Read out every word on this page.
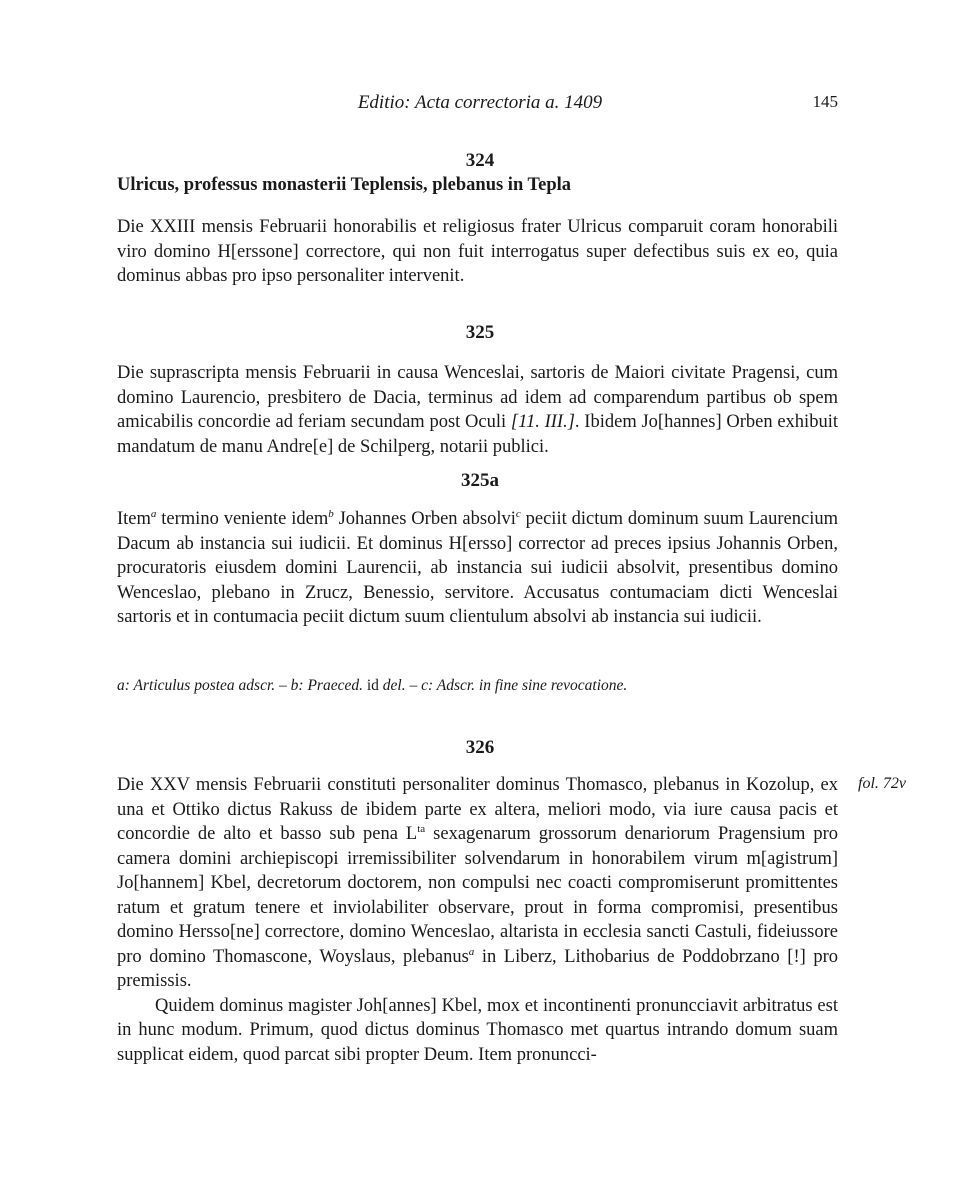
Editio: Acta correctoria a. 1409	145
324
Ulricus, professus monasterii Teplensis, plebanus in Tepla

Die XXIII mensis Februarii honorabilis et religiosus frater Ulricus comparuit coram honorabili viro domino H[erssone] correctore, qui non fuit interrogatus super defectibus suis ex eo, quia dominus abbas pro ipso personaliter intervenit.

325

Die suprascripta mensis Februarii in causa Wenceslai, sartoris de Maiori civitate Pragensi, cum domino Laurencio, presbitero de Dacia, terminus ad idem ad comparendum partibus ob spem amicabilis concordie ad feriam secundam post Oculi [11. III.]. Ibidem Jo[hannes] Orben exhibuit mandatum de manu Andre[e] de Schilperg, notarii publici.

325a

Item$^a$ termino veniente idem$^b$ Johannes Orben absolvi$^c$ peciit dictum dominum suum Laurencium Dacum ab instancia sui iudicii. Et dominus H[ersso] corrector ad preces ipsius Johannis Orben, procuratoris eiusdem domini Laurencii, ab instancia sui iudicii absolvit, presentibus domino Wenceslao, plebano in Zrucz, Benessio, servitore. Accusatus contumaciam dicti Wenceslai sartoris et in contumacia peciit dictum suum clientulum absolvi ab instancia sui iudicii.

a: Articulus postea adscr. – b: Praeced. id del. – c: Adscr. in fine sine revocatione.
326
fol. 72v

Die XXV mensis Februarii constituti personaliter dominus Thomasco, plebanus in Kozolup, ex una et Ottiko dictus Rakuss de ibidem parte ex altera, meliori modo, via iure causa pacis et concordie de alto et basso sub pena $L^{ta}$ sexagenarum grossorum denariorum Pragensium pro camera domini archiepiscopi irremissibiliter solvendarum in honorabilem virum m[agistrum] Jo[hannem] Kbel, decretorum doctorem, non compulsi nec coacti compromiserunt promittentes ratum et gratum tenere et inviolabiliter observare, prout in forma compromisi, presentibus domino Hersso[ne] correctore, domino Wenceslao, altarista in ecclesia sancti Castuli, fideiussore pro domino Thomascone, Woyslaus, plebanus$^a$ in Liberz, Lithobarius de Poddobrzano [!] pro premissis.

Quidem dominus magister Joh[annes] Kbel, mox et incontinenti pronuncciavit arbitratus est in hunc modum. Primum, quod dictus dominus Thomasco met quartus intrando domum suam supplicat eidem, quod parcat sibi propter Deum. Item pronuncci-
